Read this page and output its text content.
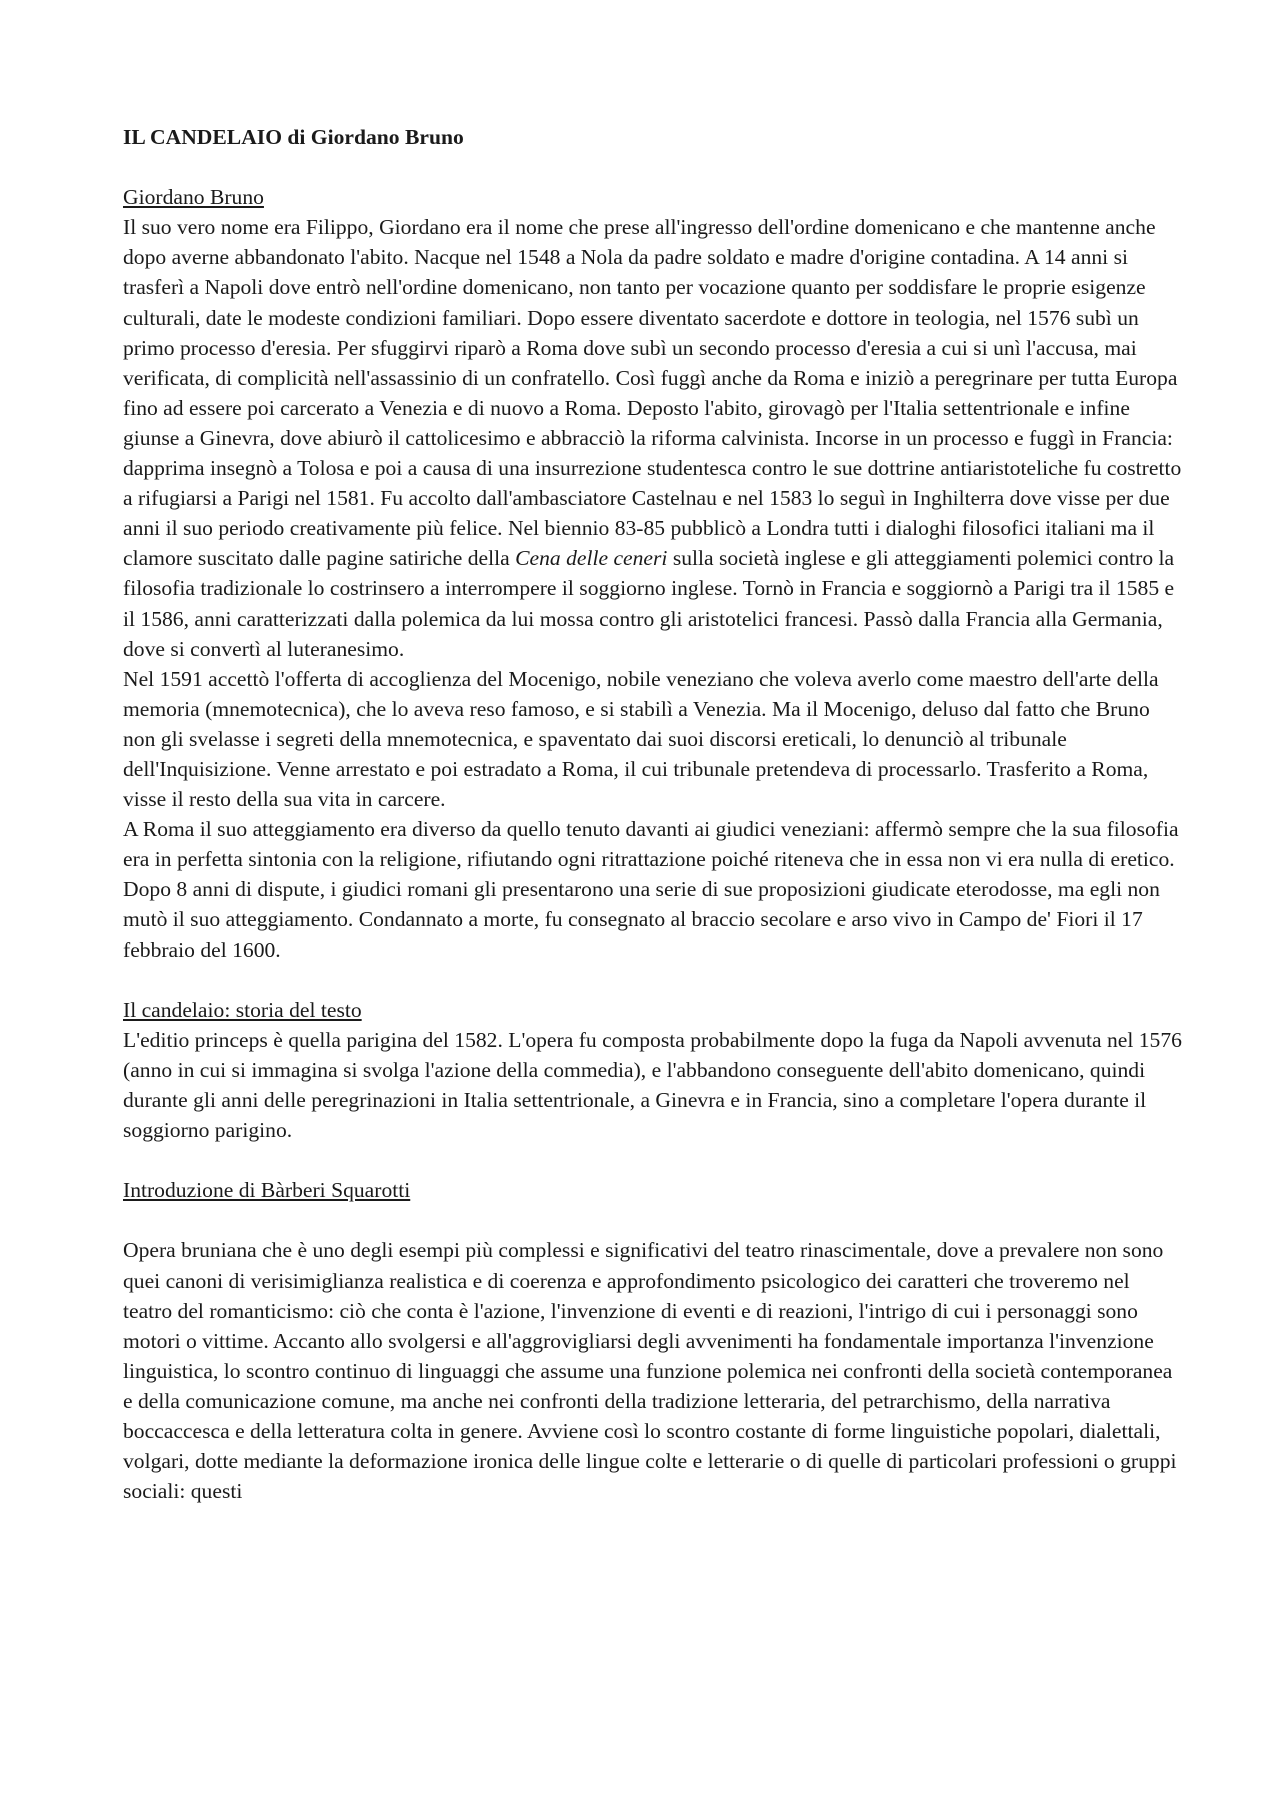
IL CANDELAIO di Giordano Bruno

Giordano Bruno

Il suo vero nome era Filippo, Giordano era il nome che prese all'ingresso dell'ordine domenicano e che mantenne anche dopo averne abbandonato l'abito. Nacque nel 1548 a Nola da padre soldato e madre d'origine contadina. A 14 anni si trasferì a Napoli dove entrò nell'ordine domenicano, non tanto per vocazione quanto per soddisfare le proprie esigenze culturali, date le modeste condizioni familiari. Dopo essere diventato sacerdote e dottore in teologia, nel 1576 subì un primo processo d'eresia. Per sfuggirvi riparò a Roma dove subì un secondo processo d'eresia a cui si unì l'accusa, mai verificata, di complicità nell'assassinio di un confratello. Così fuggì anche da Roma e iniziò a peregrinare per tutta Europa fino ad essere poi carcerato a Venezia e di nuovo a Roma. Deposto l'abito, girovagò per l'Italia settentrionale e infine giunse a Ginevra, dove abiurò il cattolicesimo e abbracciò la riforma calvinista. Incorse in un processo e fuggì in Francia: dapprima insegnò a Tolosa e poi a causa di una insurrezione studentesca contro le sue dottrine antiaristoteliche fu costretto a rifugiarsi a Parigi nel 1581. Fu accolto dall'ambasciatore Castelnau e nel 1583 lo seguì in Inghilterra dove visse per due anni il suo periodo creativamente più felice. Nel biennio 83-85 pubblicò a Londra tutti i dialoghi filosofici italiani ma il clamore suscitato dalle pagine satiriche della Cena delle ceneri sulla società inglese e gli atteggiamenti polemici contro la filosofia tradizionale lo costrinsero a interrompere il soggiorno inglese. Tornò in Francia e soggiornò a Parigi tra il 1585 e il 1586, anni caratterizzati dalla polemica da lui mossa contro gli aristotelici francesi. Passò dalla Francia alla Germania, dove si convertì al luteranesimo.

Nel 1591 accettò l'offerta di accoglienza del Mocenigo, nobile veneziano che voleva averlo come maestro dell'arte della memoria (mnemotecnica), che lo aveva reso famoso, e si stabilì a Venezia. Ma il Mocenigo, deluso dal fatto che Bruno non gli svelasse i segreti della mnemotecnica, e spaventato dai suoi discorsi ereticali, lo denunciò al tribunale dell'Inquisizione. Venne arrestato e poi estradato a Roma, il cui tribunale pretendeva di processarlo. Trasferito a Roma, visse il resto della sua vita in carcere.

A Roma il suo atteggiamento era diverso da quello tenuto davanti ai giudici veneziani: affermò sempre che la sua filosofia era in perfetta sintonia con la religione, rifiutando ogni ritrattazione poiché riteneva che in essa non vi era nulla di eretico. Dopo 8 anni di dispute, i giudici romani gli presentarono una serie di sue proposizioni giudicate eterodosse, ma egli non mutò il suo atteggiamento. Condannato a morte, fu consegnato al braccio secolare e arso vivo in Campo de' Fiori il 17 febbraio del 1600.

Il candelaio: storia del testo

L'editio princeps è quella parigina del 1582. L'opera fu composta probabilmente dopo la fuga da Napoli avvenuta nel 1576 (anno in cui si immagina si svolga l'azione della commedia), e l'abbandono conseguente dell'abito domenicano, quindi durante gli anni delle peregrinazioni in Italia settentrionale, a Ginevra e in Francia, sino a completare l'opera durante il soggiorno parigino.

Introduzione di Bàrberi Squarotti

Opera bruniana che è uno degli esempi più complessi e significativi del teatro rinascimentale, dove a prevalere non sono quei canoni di verisimiglianza realistica e di coerenza e approfondimento psicologico dei caratteri che troveremo nel teatro del romanticismo: ciò che conta è l'azione, l'invenzione di eventi e di reazioni, l'intrigo di cui i personaggi sono motori o vittime. Accanto allo svolgersi e all'aggrovigliarsi degli avvenimenti ha fondamentale importanza l'invenzione linguistica, lo scontro continuo di linguaggi che assume una funzione polemica nei confronti della società contemporanea e della comunicazione comune, ma anche nei confronti della tradizione letteraria, del petrarchismo, della narrativa boccaccesca e della letteratura colta in genere. Avviene così lo scontro costante di forme linguistiche popolari, dialettali, volgari, dotte mediante la deformazione ironica delle lingue colte e letterarie o di quelle di particolari professioni o gruppi sociali: questi
